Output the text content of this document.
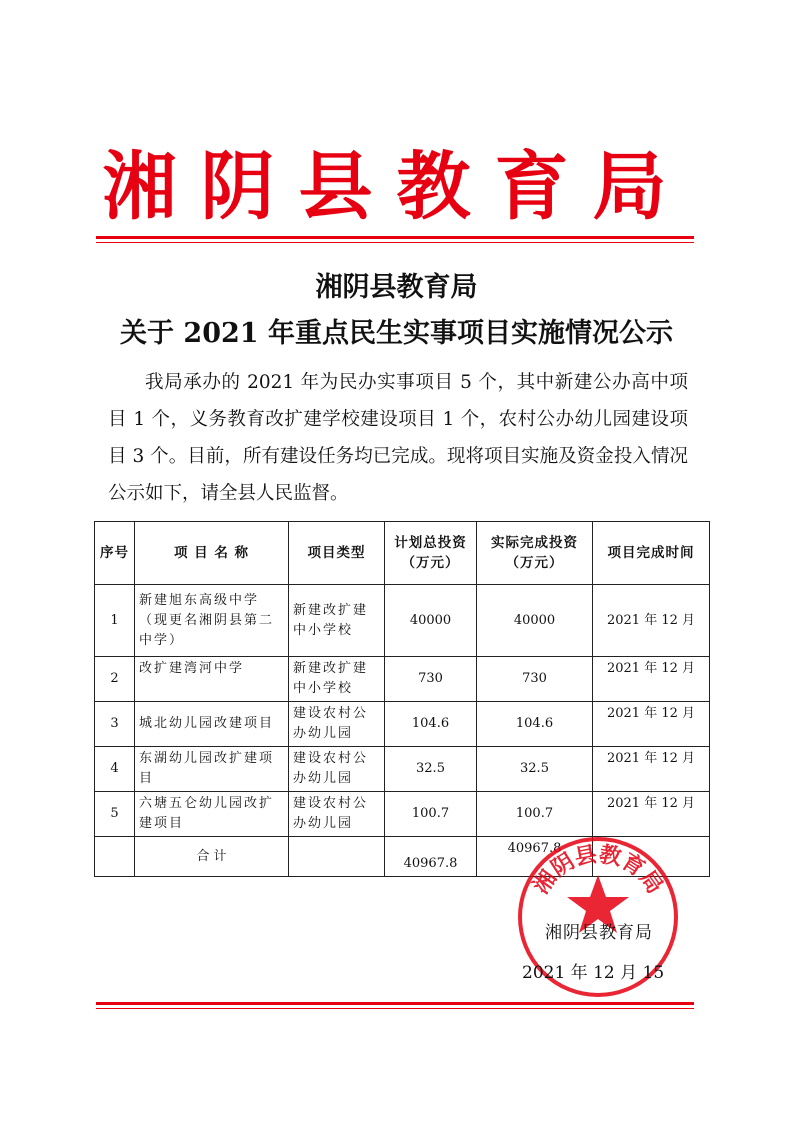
湘阴县教育局
湘阴县教育局
关于 2021 年重点民生实事项目实施情况公示
我局承办的 2021 年为民办实事项目 5 个，其中新建公办高中项目 1 个，义务教育改扩建学校建设项目 1 个，农村公办幼儿园建设项目 3 个。目前，所有建设任务均已完成。现将项目实施及资金投入情况公示如下，请全县人民监督。
序号	项 目 名 称	项目类型	计划总投资（万元）	实际完成投资（万元）	项目完成时间
1	新建旭东高级中学（现更名湘阴县第二中学）	新建改扩建中小学校	40000	40000	2021 年 12 月
2	改扩建湾河中学	新建改扩建中小学校	730	730	2021 年 12 月
3	城北幼儿园改建项目	建设农村公办幼儿园	104.6	104.6	2021 年 12 月
4	东湖幼儿园改扩建项目	建设农村公办幼儿园	32.5	32.5	2021 年 12 月
5	六塘五仑幼儿园改扩建项目	建设农村公办幼儿园	100.7	100.7	2021 年 12 月
	合 计		40967.8	40967.8	
湘阴县教育局
湘阴县教育局
2021 年 12 月 15
